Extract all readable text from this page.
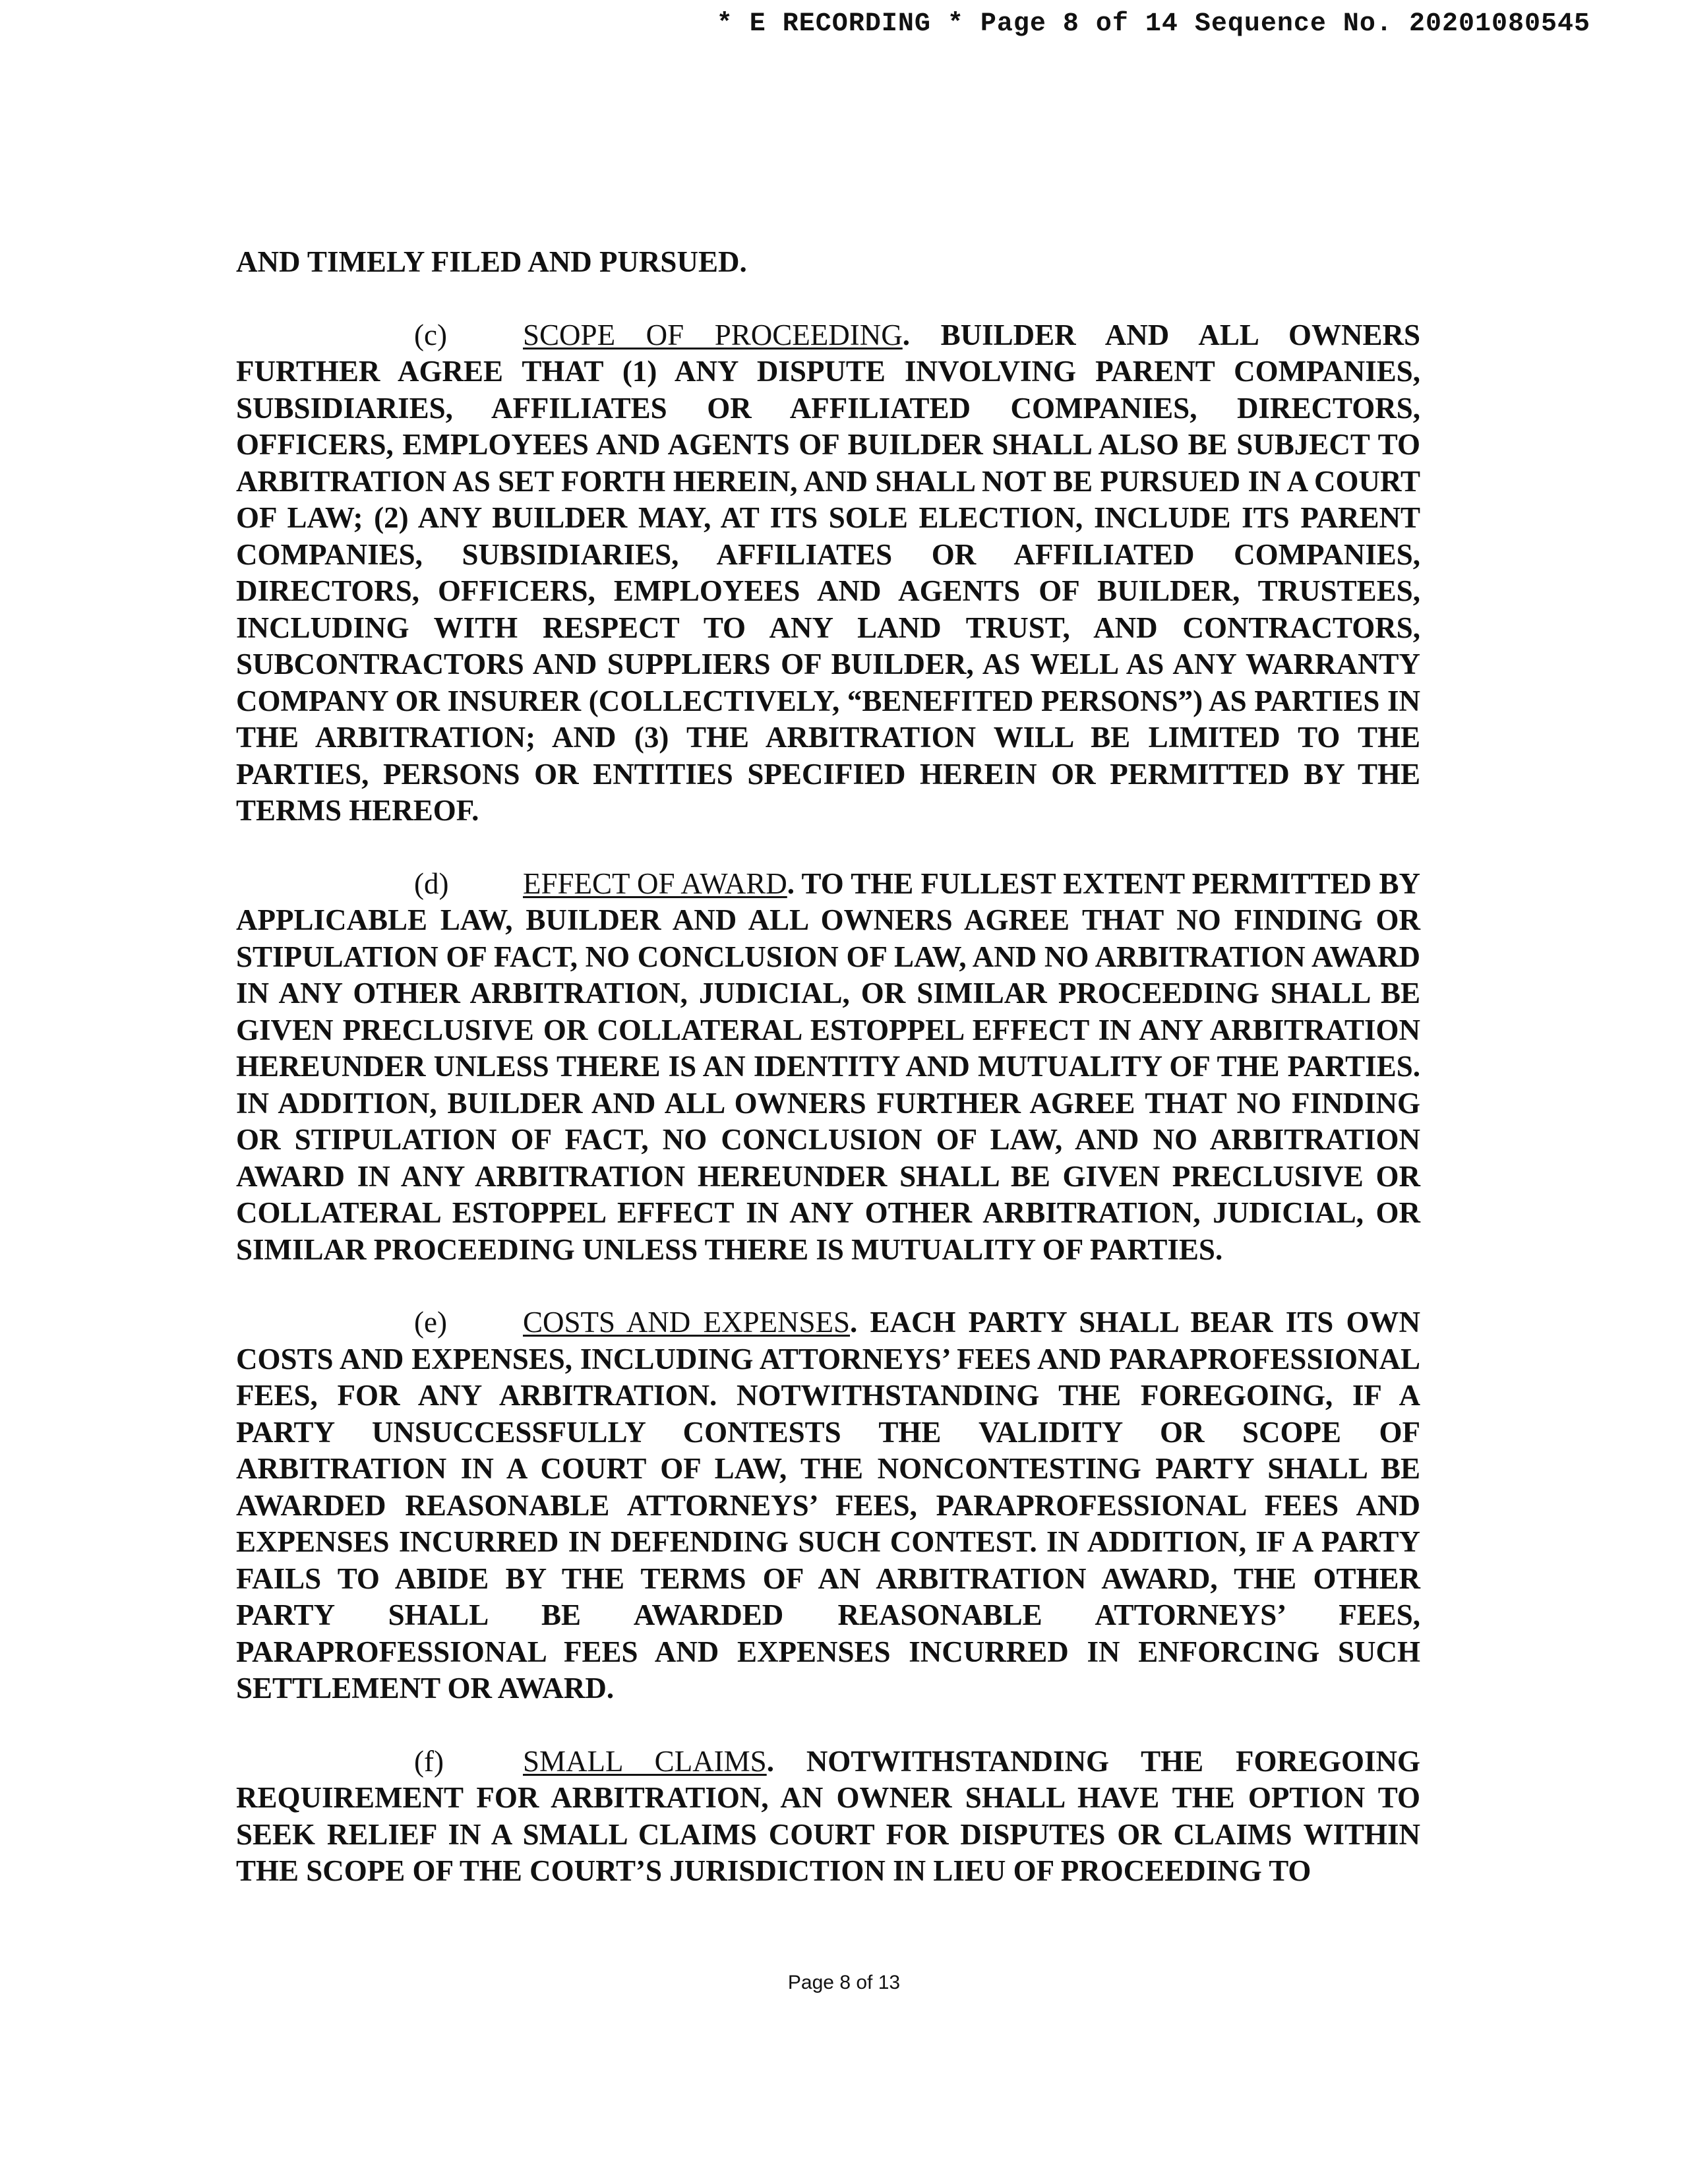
* E RECORDING * Page 8 of 14 Sequence No. 20201080545

AND TIMELY FILED AND PURSUED.

(c)	SCOPE OF PROCEEDING. BUILDER AND ALL OWNERS FURTHER AGREE THAT (1) ANY DISPUTE INVOLVING PARENT COMPANIES, SUBSIDIARIES, AFFILIATES OR AFFILIATED COMPANIES, DIRECTORS, OFFICERS, EMPLOYEES AND AGENTS OF BUILDER SHALL ALSO BE SUBJECT TO ARBITRATION AS SET FORTH HEREIN, AND SHALL NOT BE PURSUED IN A COURT OF LAW; (2) ANY BUILDER MAY, AT ITS SOLE ELECTION, INCLUDE ITS PARENT COMPANIES, SUBSIDIARIES, AFFILIATES OR AFFILIATED COMPANIES, DIRECTORS, OFFICERS, EMPLOYEES AND AGENTS OF BUILDER, TRUSTEES, INCLUDING WITH RESPECT TO ANY LAND TRUST, AND CONTRACTORS, SUBCONTRACTORS AND SUPPLIERS OF BUILDER, AS WELL AS ANY WARRANTY COMPANY OR INSURER (COLLECTIVELY, “BENEFITED PERSONS”) AS PARTIES IN THE ARBITRATION; AND (3) THE ARBITRATION WILL BE LIMITED TO THE PARTIES, PERSONS OR ENTITIES SPECIFIED HEREIN OR PERMITTED BY THE TERMS HEREOF.

(d)	EFFECT OF AWARD. TO THE FULLEST EXTENT PERMITTED BY APPLICABLE LAW, BUILDER AND ALL OWNERS AGREE THAT NO FINDING OR STIPULATION OF FACT, NO CONCLUSION OF LAW, AND NO ARBITRATION AWARD IN ANY OTHER ARBITRATION, JUDICIAL, OR SIMILAR PROCEEDING SHALL BE GIVEN PRECLUSIVE OR COLLATERAL ESTOPPEL EFFECT IN ANY ARBITRATION HEREUNDER UNLESS THERE IS AN IDENTITY AND MUTUALITY OF THE PARTIES. IN ADDITION, BUILDER AND ALL OWNERS FURTHER AGREE THAT NO FINDING OR STIPULATION OF FACT, NO CONCLUSION OF LAW, AND NO ARBITRATION AWARD IN ANY ARBITRATION HEREUNDER SHALL BE GIVEN PRECLUSIVE OR COLLATERAL ESTOPPEL EFFECT IN ANY OTHER ARBITRATION, JUDICIAL, OR SIMILAR PROCEEDING UNLESS THERE IS MUTUALITY OF PARTIES.

(e)	COSTS AND EXPENSES. EACH PARTY SHALL BEAR ITS OWN COSTS AND EXPENSES, INCLUDING ATTORNEYS’ FEES AND PARAPROFESSIONAL FEES, FOR ANY ARBITRATION. NOTWITHSTANDING THE FOREGOING, IF A PARTY UNSUCCESSFULLY CONTESTS THE VALIDITY OR SCOPE OF ARBITRATION IN A COURT OF LAW, THE NONCONTESTING PARTY SHALL BE AWARDED REASONABLE ATTORNEYS’ FEES, PARAPROFESSIONAL FEES AND EXPENSES INCURRED IN DEFENDING SUCH CONTEST. IN ADDITION, IF A PARTY FAILS TO ABIDE BY THE TERMS OF AN ARBITRATION AWARD, THE OTHER PARTY SHALL BE AWARDED REASONABLE ATTORNEYS’ FEES, PARAPROFESSIONAL FEES AND EXPENSES INCURRED IN ENFORCING SUCH SETTLEMENT OR AWARD.

(f)	SMALL CLAIMS. NOTWITHSTANDING THE FOREGOING REQUIREMENT FOR ARBITRATION, AN OWNER SHALL HAVE THE OPTION TO SEEK RELIEF IN A SMALL CLAIMS COURT FOR DISPUTES OR CLAIMS WITHIN THE SCOPE OF THE COURT’S JURISDICTION IN LIEU OF PROCEEDING TO

Page 8 of 13
